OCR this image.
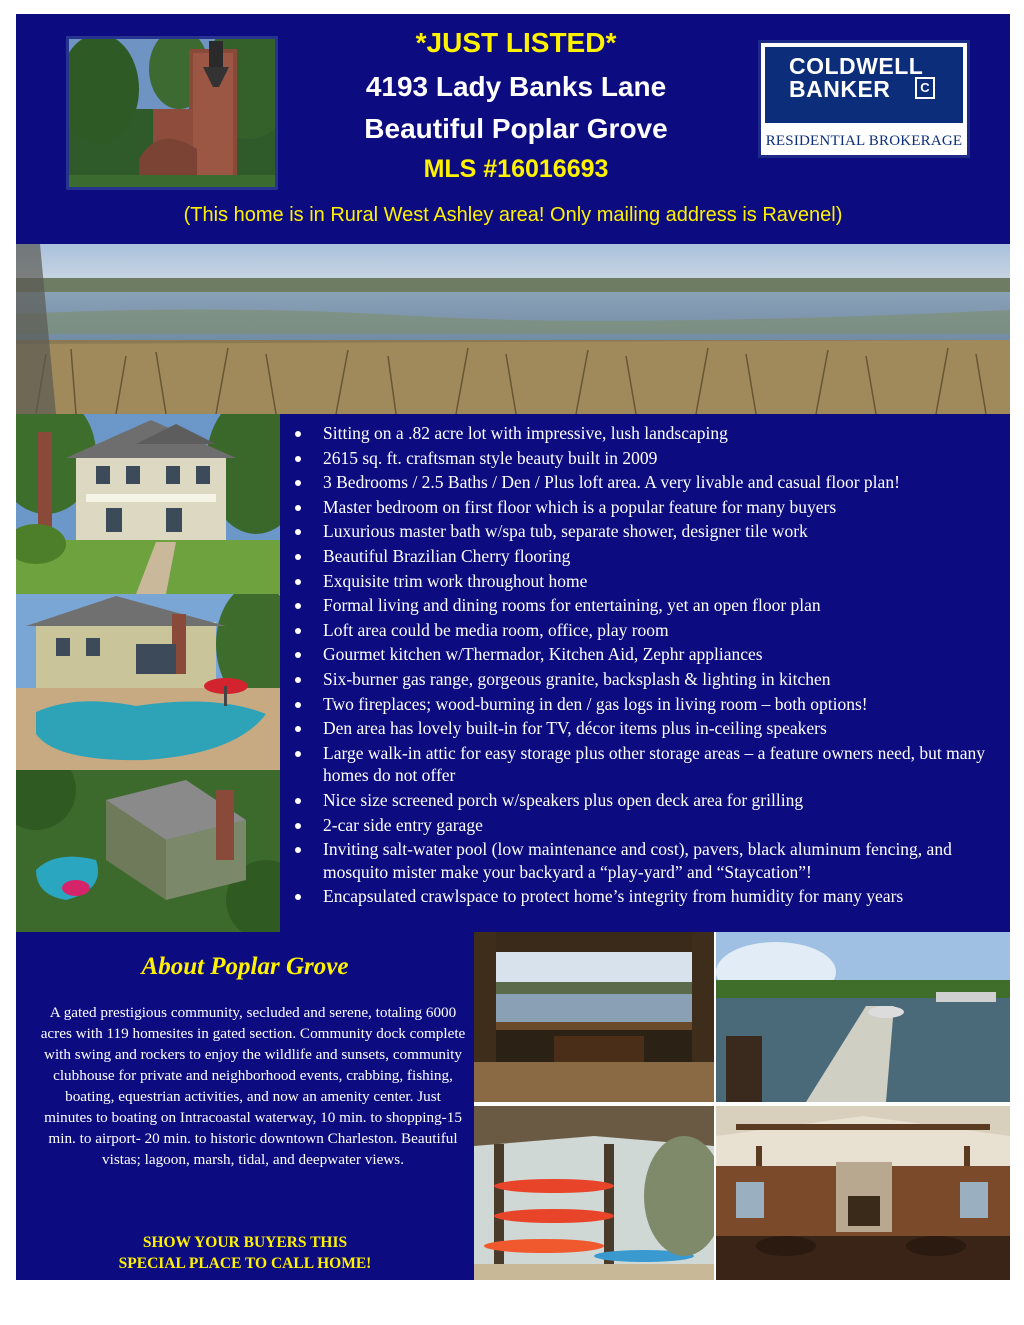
*JUST LISTED*

4193 Lady Banks Lane

Beautiful Poplar Grove

MLS #16016693

COLDWELL
BANKER	C
RESIDENTIAL BROKERAGE

(This home is in Rural West Ashley area! Only mailing address is Ravenel)

Sitting on a .82 acre lot with impressive, lush landscaping
2615 sq. ft. craftsman style beauty built in 2009
3 Bedrooms / 2.5 Baths / Den / Plus loft area. A very livable and casual floor plan!
Master bedroom on first floor which is a popular feature for many buyers
Luxurious master bath w/spa tub, separate shower, designer tile work
Beautiful Brazilian Cherry flooring
Exquisite trim work throughout home
Formal living and dining rooms for entertaining, yet an open floor plan
Loft area could be media room, office, play room
Gourmet kitchen w/Thermador, Kitchen Aid, Zephr appliances
Six-burner gas range, gorgeous granite, backsplash & lighting in kitchen
Two fireplaces; wood-burning in den / gas logs in living room – both options!
Den area has lovely built-in for TV, décor items plus in-ceiling speakers
Large walk-in attic for easy storage plus other storage areas – a feature owners need, but many homes do not offer
Nice size screened porch w/speakers plus open deck area for grilling
2-car side entry garage
Inviting salt-water pool (low maintenance and cost), pavers, black aluminum fencing, and mosquito mister make your backyard a “play-yard” and “Staycation”!
Encapsulated crawlspace to protect home’s integrity from humidity for many years
About Poplar Grove

A gated prestigious community, secluded and serene, totaling 6000 acres with 119 homesites in gated section. Community dock complete with swing and rockers to enjoy the wildlife and sunsets, community clubhouse for private and neighborhood events, crabbing, fishing, boating, equestrian activities, and now an amenity center. Just minutes to boating on Intracoastal waterway, 10 min. to shopping-15 min. to airport- 20 min. to historic downtown Charleston. Beautiful vistas; lagoon, marsh, tidal, and deepwater views.

SHOW YOUR BUYERS THIS
SPECIAL PLACE TO CALL HOME!
